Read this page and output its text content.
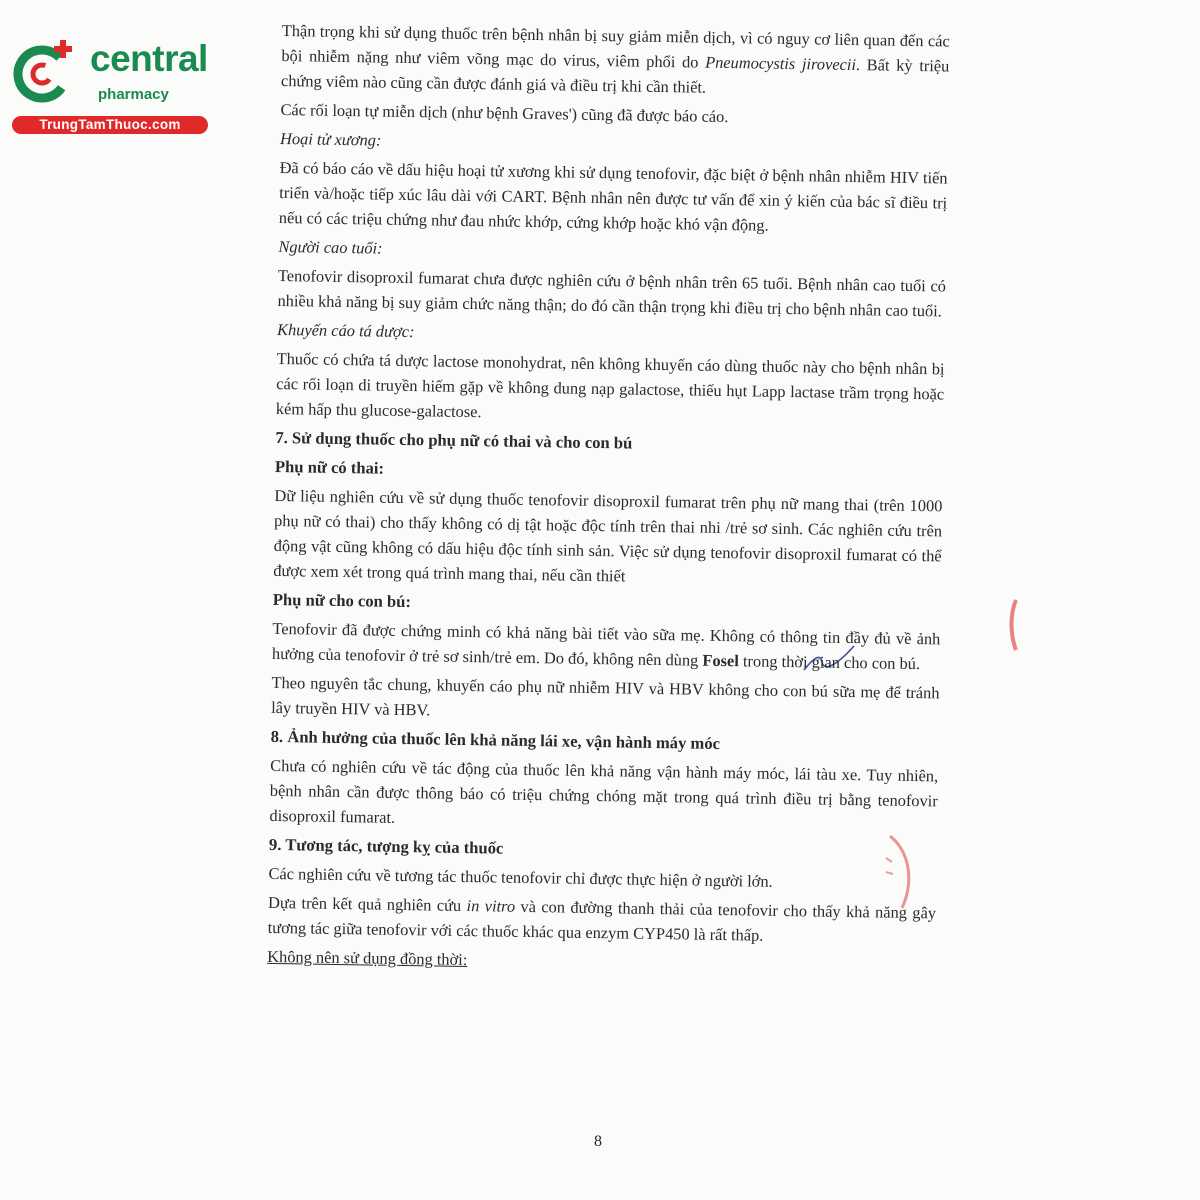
central
pharmacy
TrungTamThuoc.com

Thận trọng khi sử dụng thuốc trên bệnh nhân bị suy giảm miễn dịch, vì có nguy cơ liên quan đến các bội nhiễm nặng như viêm võng mạc do virus, viêm phổi do Pneumocystis jirovecii. Bất kỳ triệu chứng viêm nào cũng cần được đánh giá và điều trị khi cần thiết.

Các rối loạn tự miễn dịch (như bệnh Graves') cũng đã được báo cáo.

Hoại tử xương:

Đã có báo cáo về dấu hiệu hoại tử xương khi sử dụng tenofovir, đặc biệt ở bệnh nhân nhiễm HIV tiến triển và/hoặc tiếp xúc lâu dài với CART. Bệnh nhân nên được tư vấn để xin ý kiến của bác sĩ điều trị nếu có các triệu chứng như đau nhức khớp, cứng khớp hoặc khó vận động.

Người cao tuổi:

Tenofovir disoproxil fumarat chưa được nghiên cứu ở bệnh nhân trên 65 tuổi. Bệnh nhân cao tuổi có nhiều khả năng bị suy giảm chức năng thận; do đó cần thận trọng khi điều trị cho bệnh nhân cao tuổi.

Khuyến cáo tá dược:

Thuốc có chứa tá dược lactose monohydrat, nên không khuyến cáo dùng thuốc này cho bệnh nhân bị các rối loạn di truyền hiếm gặp về không dung nạp galactose, thiếu hụt Lapp lactase trầm trọng hoặc kém hấp thu glucose-galactose.

7. Sử dụng thuốc cho phụ nữ có thai và cho con bú

Phụ nữ có thai:

Dữ liệu nghiên cứu về sử dụng thuốc tenofovir disoproxil fumarat trên phụ nữ mang thai (trên 1000 phụ nữ có thai) cho thấy không có dị tật hoặc độc tính trên thai nhi /trẻ sơ sinh. Các nghiên cứu trên động vật cũng không có dấu hiệu độc tính sinh sản. Việc sử dụng tenofovir disoproxil fumarat có thể được xem xét trong quá trình mang thai, nếu cần thiết

Phụ nữ cho con bú:

Tenofovir đã được chứng minh có khả năng bài tiết vào sữa mẹ. Không có thông tin đầy đủ về ảnh hưởng của tenofovir ở trẻ sơ sinh/trẻ em. Do đó, không nên dùng Fosel trong thời gian cho con bú.

Theo nguyên tắc chung, khuyến cáo phụ nữ nhiễm HIV và HBV không cho con bú sữa mẹ để tránh lây truyền HIV và HBV.

8. Ảnh hưởng của thuốc lên khả năng lái xe, vận hành máy móc

Chưa có nghiên cứu về tác động của thuốc lên khả năng vận hành máy móc, lái tàu xe. Tuy nhiên, bệnh nhân cần được thông báo có triệu chứng chóng mặt trong quá trình điều trị bằng tenofovir disoproxil fumarat.

9. Tương tác, tượng kỵ của thuốc

Các nghiên cứu về tương tác thuốc tenofovir chỉ được thực hiện ở người lớn.

Dựa trên kết quả nghiên cứu in vitro và con đường thanh thải của tenofovir cho thấy khả năng gây tương tác giữa tenofovir với các thuốc khác qua enzym CYP450 là rất thấp.

Không nên sử dụng đồng thời:

8
